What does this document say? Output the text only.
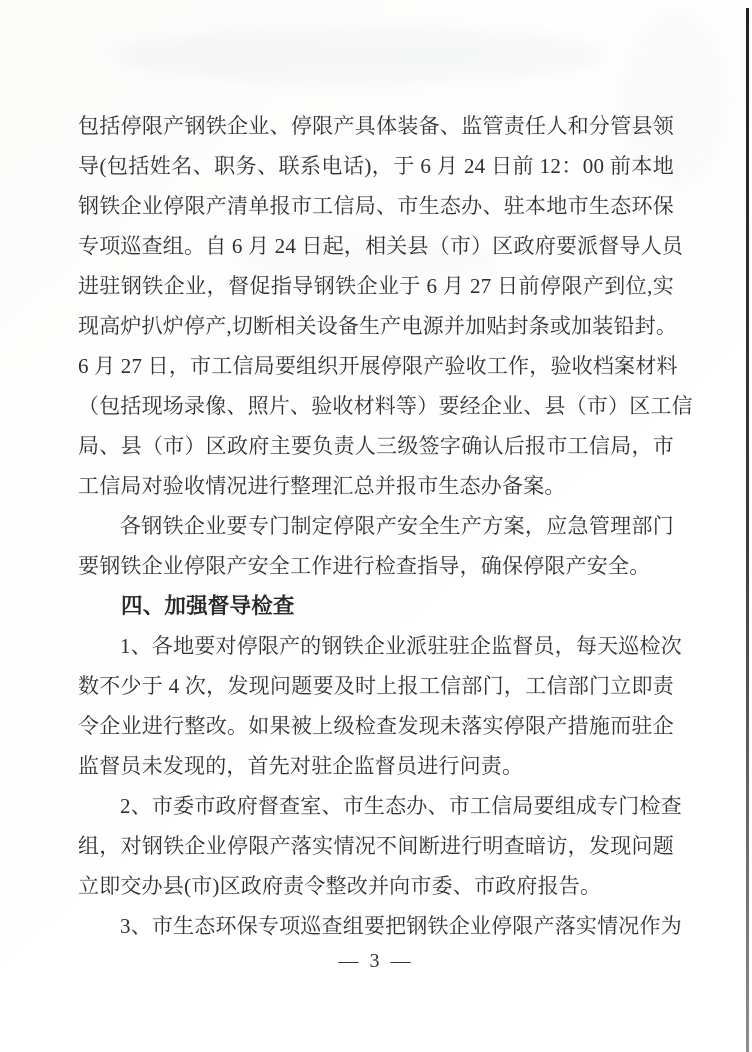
包括停限产钢铁企业、停限产具体装备、监管责任人和分管县领
导(包括姓名、职务、联系电话)，于 6 月 24 日前 12：00 前本地
钢铁企业停限产清单报市工信局、市生态办、驻本地市生态环保
专项巡查组。自 6 月 24 日起，相关县（市）区政府要派督导人员
进驻钢铁企业，督促指导钢铁企业于 6 月 27 日前停限产到位,实
现高炉扒炉停产,切断相关设备生产电源并加贴封条或加装铅封。
6 月 27 日，市工信局要组织开展停限产验收工作，验收档案材料
（包括现场录像、照片、验收材料等）要经企业、县（市）区工信
局、县（市）区政府主要负责人三级签字确认后报市工信局，市
工信局对验收情况进行整理汇总并报市生态办备案。
各钢铁企业要专门制定停限产安全生产方案，应急管理部门
要钢铁企业停限产安全工作进行检查指导，确保停限产安全。
四、加强督导检查
1、各地要对停限产的钢铁企业派驻驻企监督员，每天巡检次
数不少于 4 次，发现问题要及时上报工信部门，工信部门立即责
令企业进行整改。如果被上级检查发现未落实停限产措施而驻企
监督员未发现的，首先对驻企监督员进行问责。
2、市委市政府督查室、市生态办、市工信局要组成专门检查
组，对钢铁企业停限产落实情况不间断进行明查暗访，发现问题
立即交办县(市)区政府责令整改并向市委、市政府报告。
3、市生态环保专项巡查组要把钢铁企业停限产落实情况作为
— 3 —
